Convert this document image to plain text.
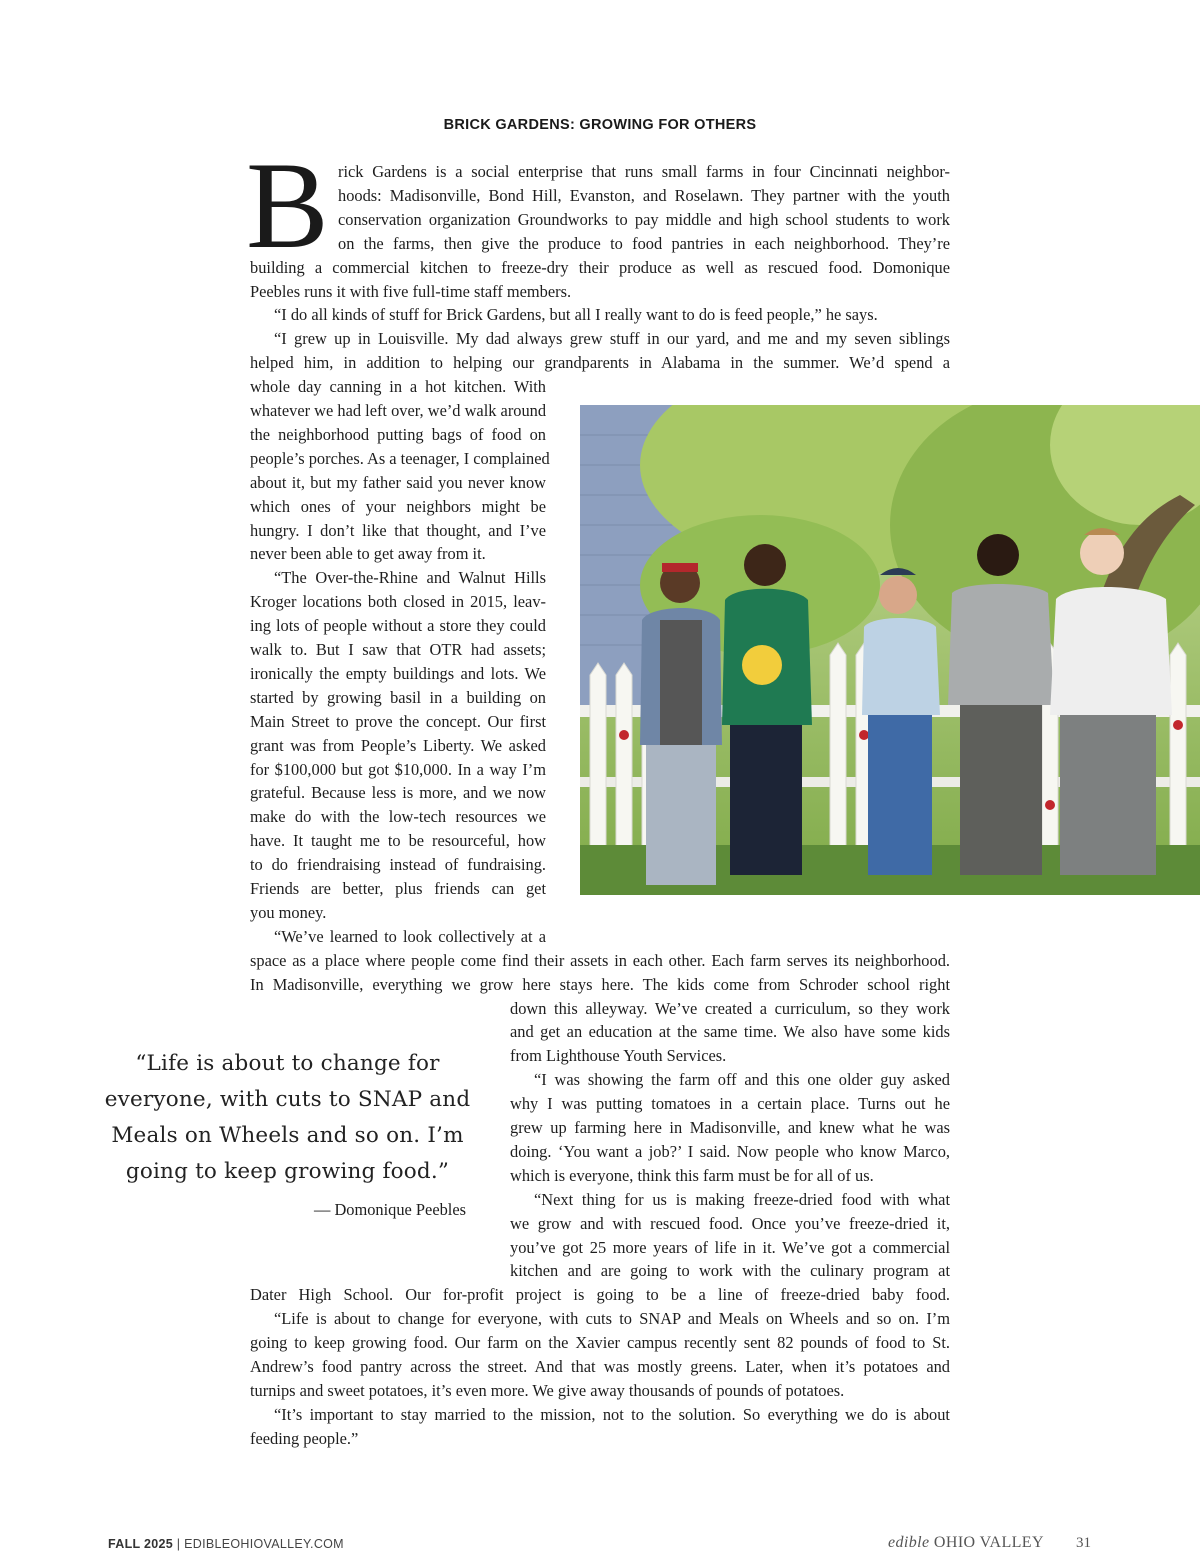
BRICK GARDENS: GROWING FOR OTHERS
B rick Gardens is a social enterprise that runs small farms in four Cincinnati neighbor-
hoods: Madisonville, Bond Hill, Evanston, and Roselawn. They partner with the youth
conservation organization Groundworks to pay middle and high school students to work
on the farms, then give the produce to food pantries in each neighborhood. They’re
building a commercial kitchen to freeze-dry their produce as well as rescued food. Domonique
Peebles runs it with five full-time staff members.
“I do all kinds of stuff for Brick Gardens, but all I really want to do is feed people,” he says.
“I grew up in Louisville. My dad always grew stuff in our yard, and me and my seven siblings
helped him, in addition to helping our grandparents in Alabama in the summer. We’d spend a
whole day canning in a hot kitchen. With
whatever we had left over, we’d walk around
the neighborhood putting bags of food on
people’s porches. As a teenager, I complained
about it, but my father said you never know
which ones of your neighbors might be
hungry. I don’t like that thought, and I’ve
never been able to get away from it.
“The Over-the-Rhine and Walnut Hills
Kroger locations both closed in 2015, leav-
ing lots of people without a store they could
walk to. But I saw that OTR had assets;
ironically the empty buildings and lots. We
started by growing basil in a building on
Main Street to prove the concept. Our first
grant was from People’s Liberty. We asked
for $100,000 but got $10,000. In a way I’m
grateful. Because less is more, and we now
make do with the low-tech resources we
have. It taught me to be resourceful, how
to do friendraising instead of fundraising.
Friends are better, plus friends can get
you money.
“We’ve learned to look collectively at a
space as a place where people come find their assets in each other. Each farm serves its neighborhood.
In Madisonville, everything we grow here stays here. The kids come from Schroder school right
down this alleyway. We’ve created a curriculum, so they work
and get an education at the same time. We also have some kids
from Lighthouse Youth Services.
“I was showing the farm off and this one older guy asked
why I was putting tomatoes in a certain place. Turns out he
grew up farming here in Madisonville, and knew what he was
doing. ‘You want a job?’ I said. Now people who know Marco,
which is everyone, think this farm must be for all of us.
“Next thing for us is making freeze-dried food with what
we grow and with rescued food. Once you’ve freeze-dried it,
you’ve got 25 more years of life in it. We’ve got a commercial
kitchen and are going to work with the culinary program at
Dater High School. Our for-profit project is going to be a line of freeze-dried baby food.
“Life is about to change for everyone, with cuts to SNAP and Meals on Wheels and so on. I’m
going to keep growing food. Our farm on the Xavier campus recently sent 82 pounds of food to St.
Andrew’s food pantry across the street. And that was mostly greens. Later, when it’s potatoes and
turnips and sweet potatoes, it’s even more. We give away thousands of pounds of potatoes.
“It’s important to stay married to the mission, not to the solution. So everything we do is about
feeding people.”
“Life is about to change for
everyone, with cuts to SNAP and
Meals on Wheels and so on. I’m
going to keep growing food.”
— Domonique Peebles
FALL 2025 | EDIBLEOHIOVALLEY.COM	edible OHIO VALLEY 31
